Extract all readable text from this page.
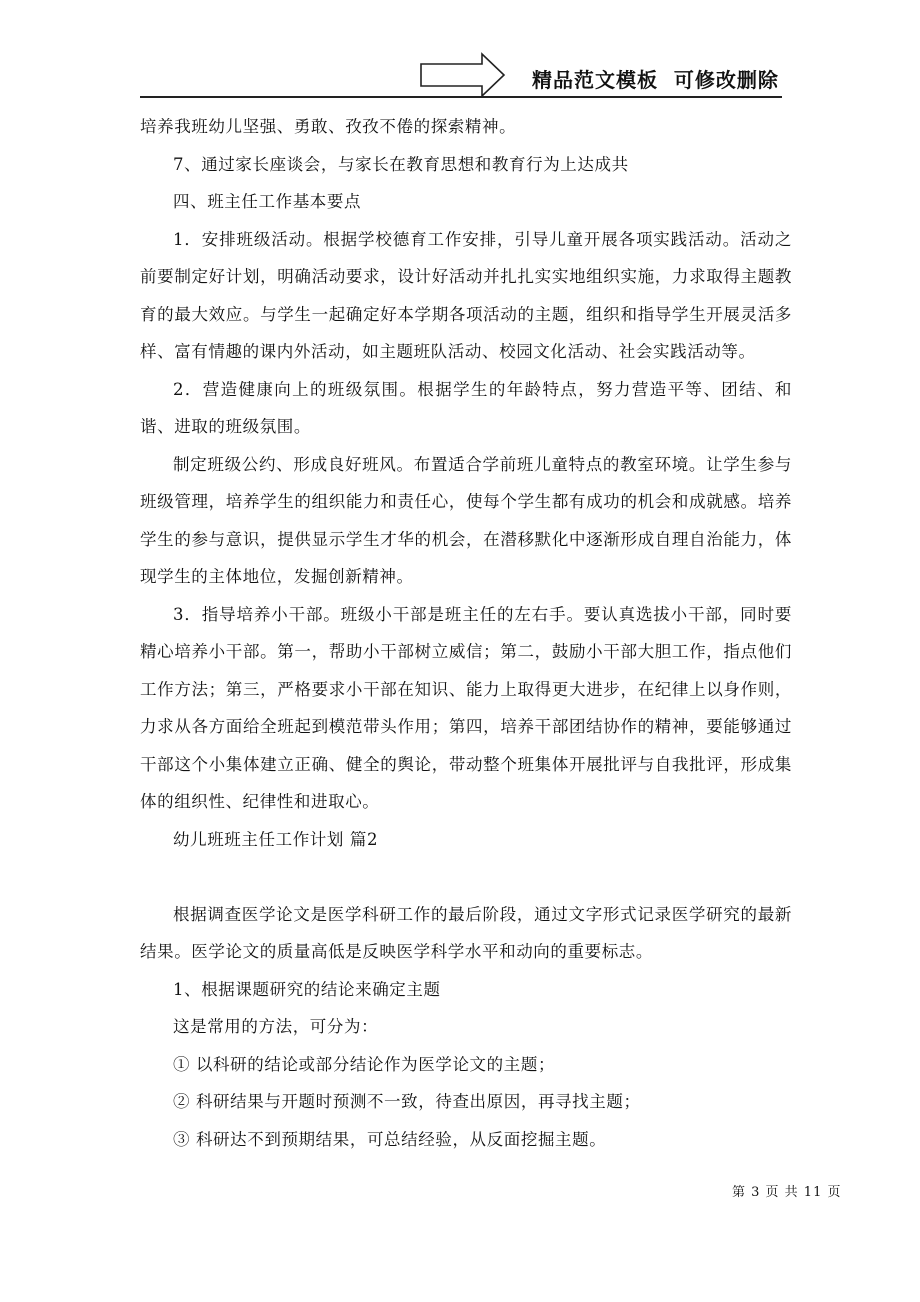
精品范文模板  可修改删除

培养我班幼儿坚强、勇敢、孜孜不倦的探索精神。

7、通过家长座谈会，与家长在教育思想和教育行为上达成共

四、班主任工作基本要点

1．安排班级活动。根据学校德育工作安排，引导儿童开展各项实践活动。活动之前要制定好计划，明确活动要求，设计好活动并扎扎实实地组织实施，力求取得主题教育的最大效应。与学生一起确定好本学期各项活动的主题，组织和指导学生开展灵活多样、富有情趣的课内外活动，如主题班队活动、校园文化活动、社会实践活动等。

2．营造健康向上的班级氛围。根据学生的年龄特点，努力营造平等、团结、和谐、进取的班级氛围。

制定班级公约、形成良好班风。布置适合学前班儿童特点的教室环境。让学生参与班级管理，培养学生的组织能力和责任心，使每个学生都有成功的机会和成就感。培养学生的参与意识，提供显示学生才华的机会，在潜移默化中逐渐形成自理自治能力，体现学生的主体地位，发掘创新精神。

3．指导培养小干部。班级小干部是班主任的左右手。要认真选拔小干部，同时要精心培养小干部。第一，帮助小干部树立威信；第二，鼓励小干部大胆工作，指点他们工作方法；第三，严格要求小干部在知识、能力上取得更大进步，在纪律上以身作则，力求从各方面给全班起到模范带头作用；第四，培养干部团结协作的精神，要能够通过干部这个小集体建立正确、健全的舆论，带动整个班集体开展批评与自我批评，形成集体的组织性、纪律性和进取心。

幼儿班班主任工作计划 篇2

根据调查医学论文是医学科研工作的最后阶段，通过文字形式记录医学研究的最新结果。医学论文的质量高低是反映医学科学水平和动向的重要标志。

1、根据课题研究的结论来确定主题

这是常用的方法，可分为：

① 以科研的结论或部分结论作为医学论文的主题；

② 科研结果与开题时预测不一致，待查出原因，再寻找主题；

③ 科研达不到预期结果，可总结经验，从反面挖掘主题。

第 3 页 共 11 页
